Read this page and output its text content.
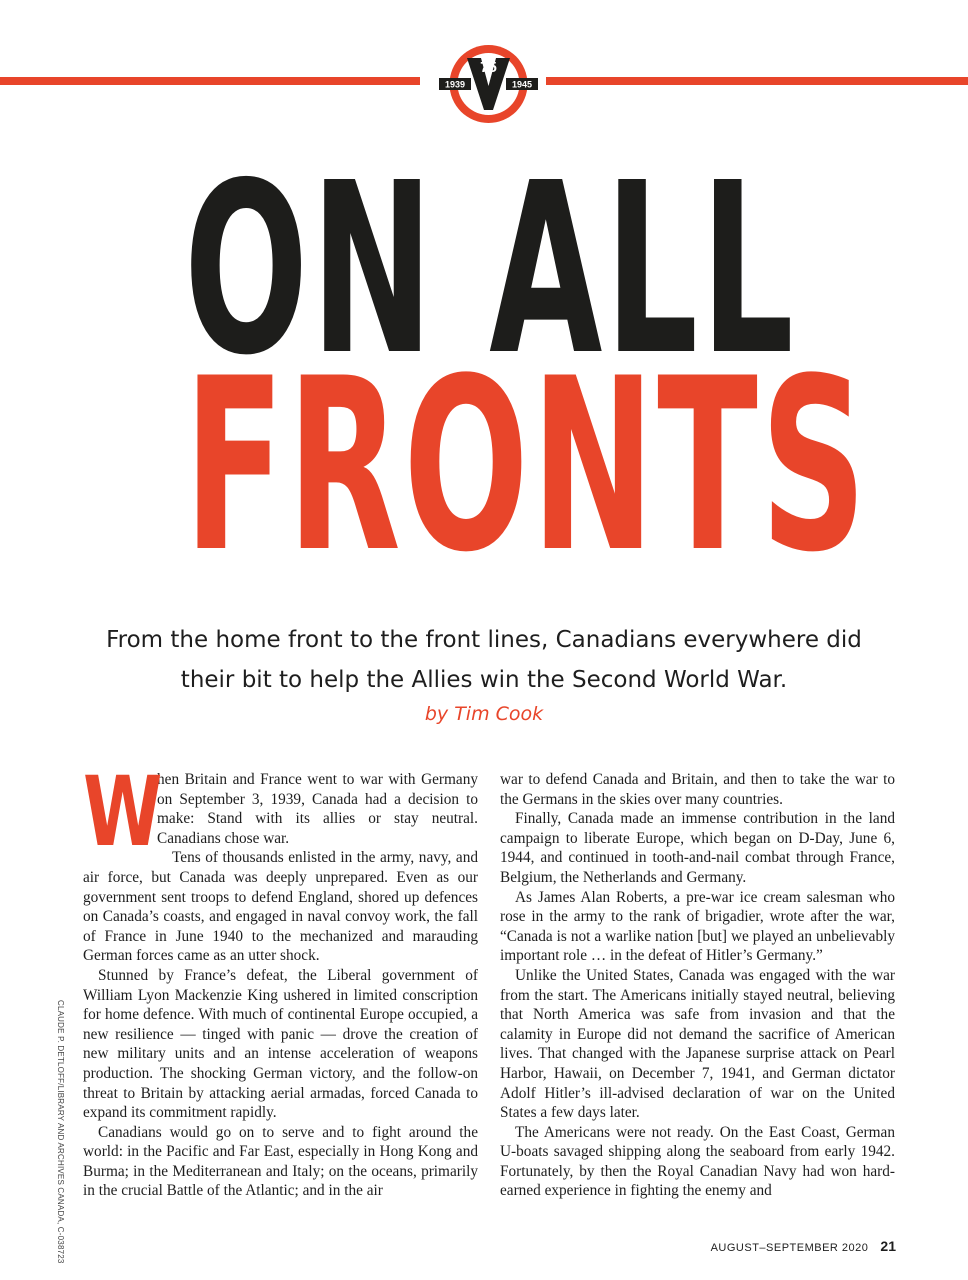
1939	1945
75
ON ALL
FRONTS
From the home front to the front lines, Canadians everywhere did their bit to help the Allies win the Second World War.
by Tim Cook

W
hen Britain and France went to war with Germany on September 3, 1939, Canada had a decision to make: Stand with its allies or stay neutral. Canadians chose war.

Tens of thousands enlisted in the army, navy, and air force, but Canada was deeply unprepared. Even as our government sent troops to defend England, shored up defences on Canada’s coasts, and engaged in naval convoy work, the fall of France in June 1940 to the mechanized and marauding German forces came as an utter shock.

Stunned by France’s defeat, the Liberal government of William Lyon Mackenzie King ushered in limited conscription for home defence. With much of continental Europe occupied, a new resilience — tinged with panic — drove the creation of new military units and an intense acceleration of weapons production. The shocking German victory, and the follow-on threat to Britain by attacking aerial armadas, forced Canada to expand its commitment rapidly.

Canadians would go on to serve and to fight around the world: in the Pacific and Far East, especially in Hong Kong and Burma; in the Mediterranean and Italy; on the oceans, primarily in the crucial Battle of the Atlantic; and in the air

war to defend Canada and Britain, and then to take the war to the Germans in the skies over many countries.

Finally, Canada made an immense contribution in the land campaign to liberate Europe, which began on D-Day, June 6, 1944, and continued in tooth-and-nail combat through France, Belgium, the Netherlands and Germany.

As James Alan Roberts, a pre-war ice cream salesman who rose in the army to the rank of brigadier, wrote after the war, “Canada is not a warlike nation [but] we played an unbelievably important role … in the defeat of Hitler’s Germany.”

Unlike the United States, Canada was engaged with the war from the start. The Americans initially stayed neutral, believing that North America was safe from invasion and that the calamity in Europe did not demand the sacrifice of American lives. That changed with the Japanese surprise attack on Pearl Harbor, Hawaii, on December 7, 1941, and German dictator Adolf Hitler’s ill-advised declaration of war on the United States a few days later.

The Americans were not ready. On the East Coast, German U-boats savaged shipping along the seaboard from early 1942. Fortunately, by then the Royal Canadian Navy had won hard-earned experience in fighting the enemy and

CLAUDE P. DETLOFF/LIBRARY AND ARCHIVES CANADA, C-038723	AUGUST–SEPTEMBER 2020 21
